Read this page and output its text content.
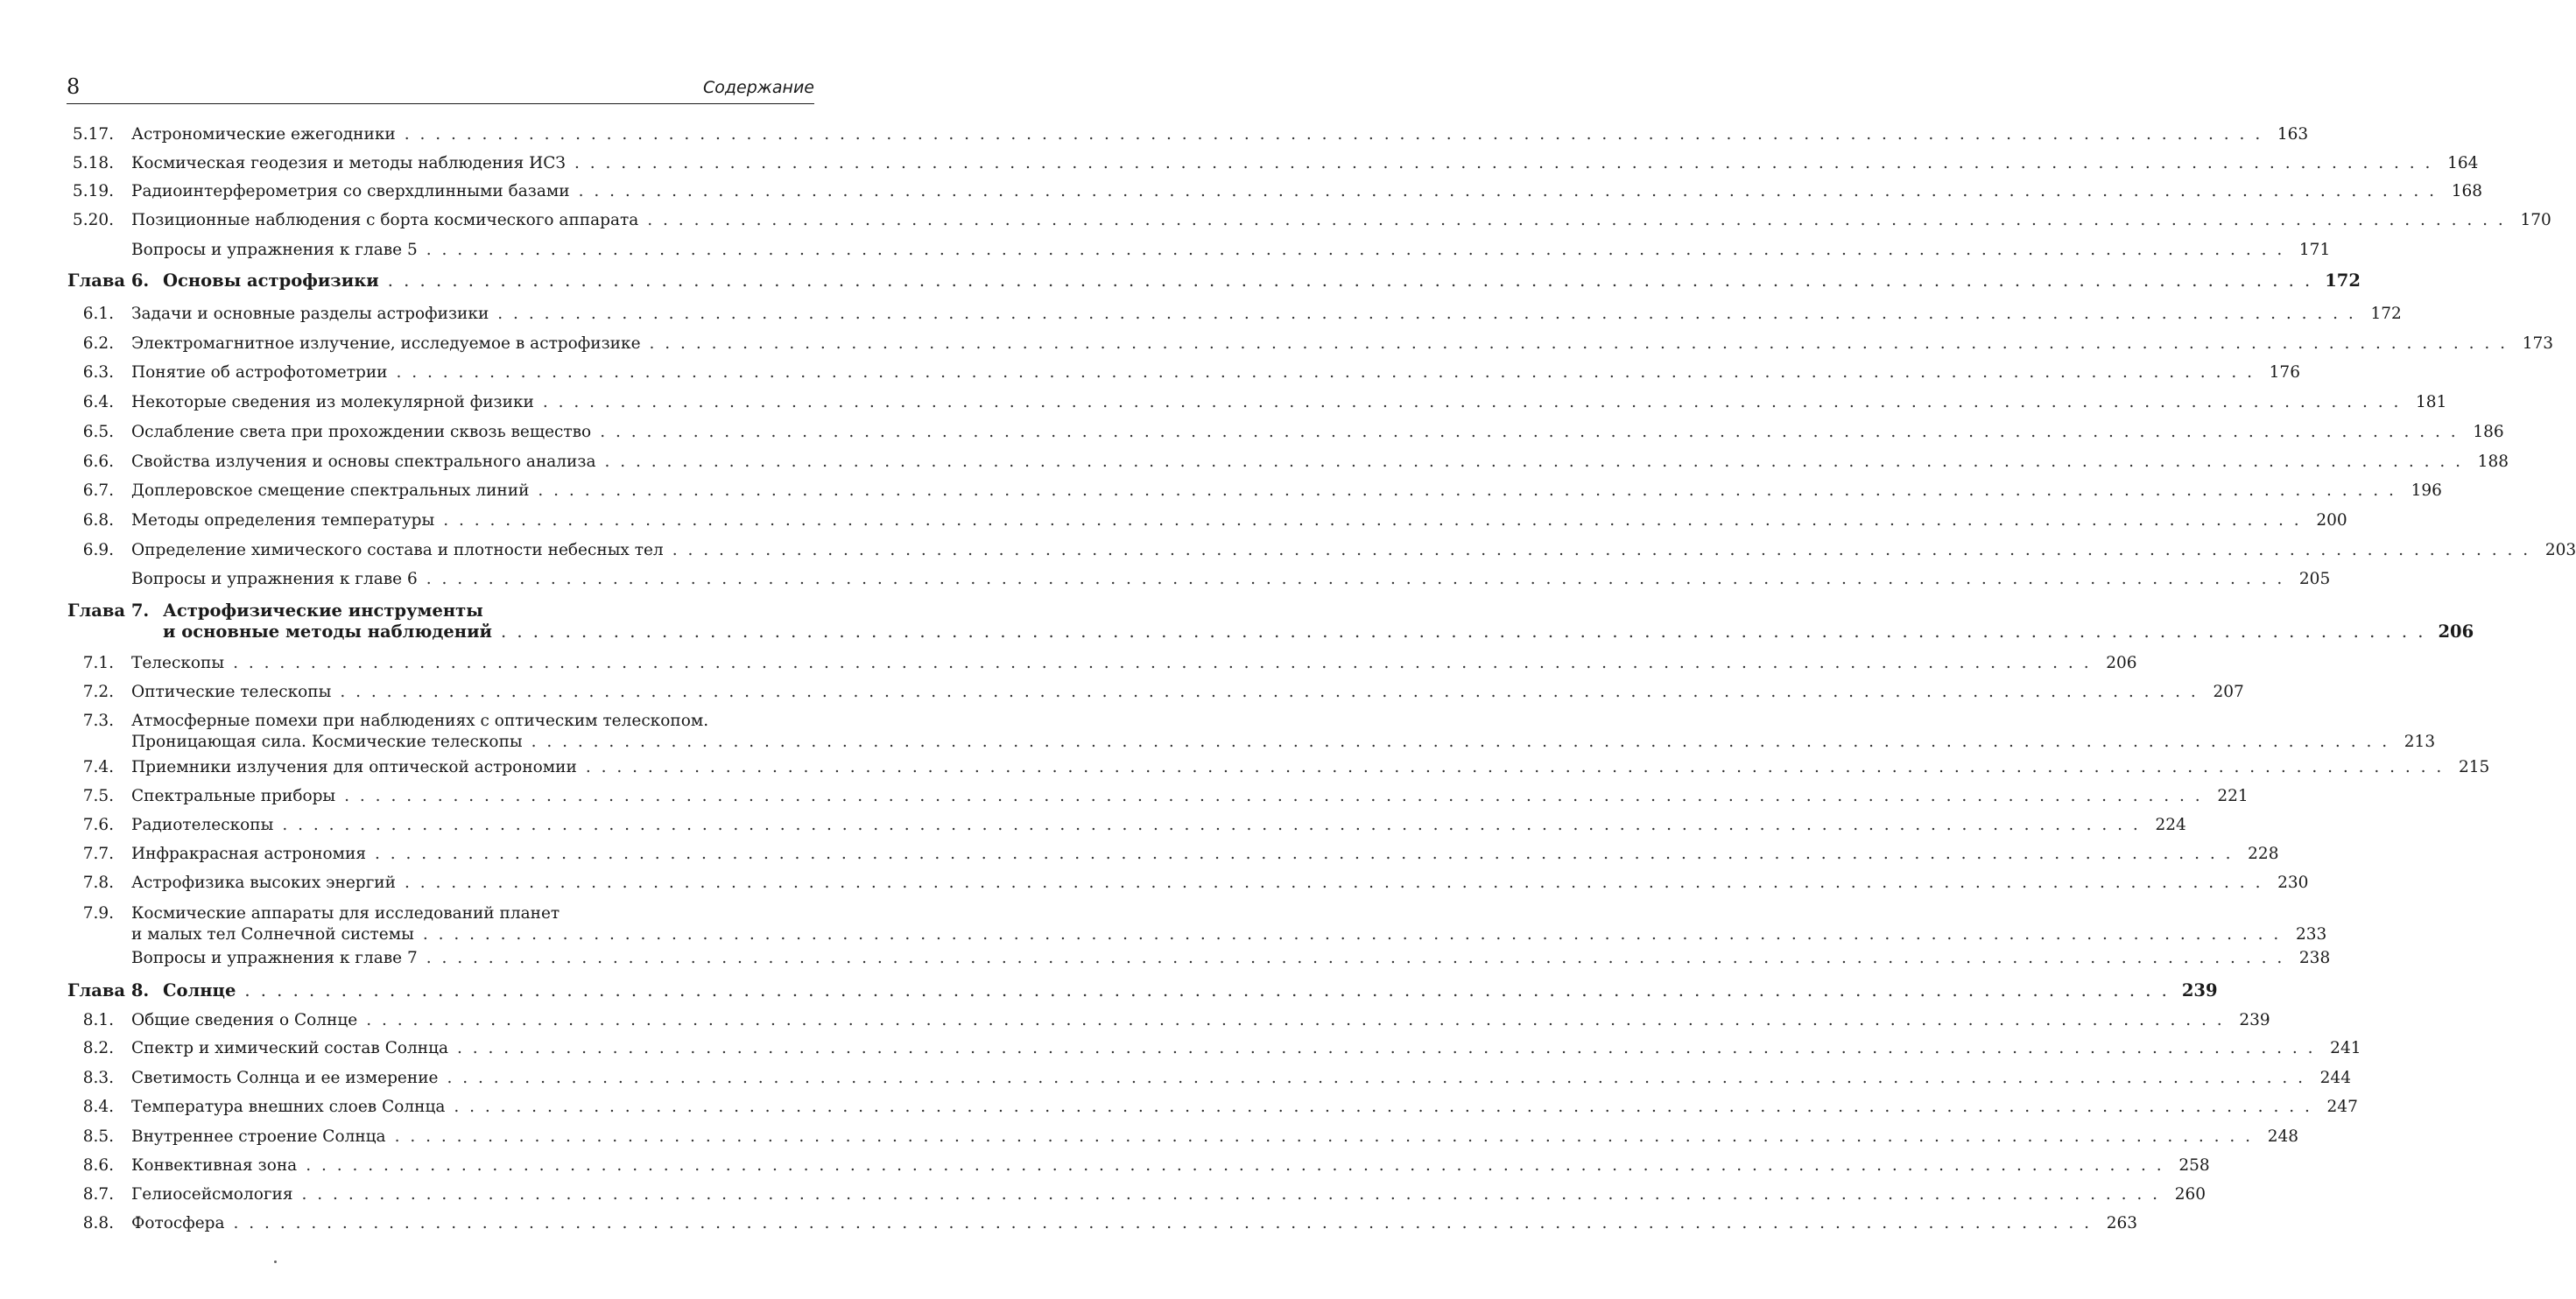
8	Содержание
5.17. Астрономические ежегодники . . . . . . . . . . . . . . . . . . . . . . . . . . . . . . . . . . . . . . . . . . . . . . . . . . . . . . . . . . . . . . . . . . . . . . . . . . . . . . . . . . . . . . . . . . . . . . . . . . . . . . . . . . . . . . . . . . . . . . . . 163
5.18. Космическая геодезия и методы наблюдения ИСЗ . . . . . . . . . . . . . . . . . . . . . . . . . . . . . . . . . . . . . . . . . . . . . . . . . . . . . . . . . . . . . . . . . . . . . . . . . . . . . . . . . . . . . . . . . . . . . . . . . . . . . . . . . . . . . . . . . . . . . . . . 164
5.19. Радиоинтерферометрия со сверхдлинными базами . . . . . . . . . . . . . . . . . . . . . . . . . . . . . . . . . . . . . . . . . . . . . . . . . . . . . . . . . . . . . . . . . . . . . . . . . . . . . . . . . . . . . . . . . . . . . . . . . . . . . . . . . . . . . . . . . . . . . . . . 168
5.20. Позиционные наблюдения с борта космического аппарата . . . . . . . . . . . . . . . . . . . . . . . . . . . . . . . . . . . . . . . . . . . . . . . . . . . . . . . . . . . . . . . . . . . . . . . . . . . . . . . . . . . . . . . . . . . . . . . . . . . . . . . . . . . . . . . . . . . . . . . . 170
Вопросы и упражнения к главе 5 . . . . . . . . . . . . . . . . . . . . . . . . . . . . . . . . . . . . . . . . . . . . . . . . . . . . . . . . . . . . . . . . . . . . . . . . . . . . . . . . . . . . . . . . . . . . . . . . . . . . . . . . . . . . . . . . . . . . . . . . 171
Глава 6. Основы астрофизики . . . . . . . . . . . . . . . . . . . . . . . . . . . . . . . . . . . . . . . . . . . . . . . . . . . . . . . . . . . . . . . . . . . . . . . . . . . . . . . . . . . . . . . . . . . . . . . . . . . . . . . . . . . . . . . . . . . . . . . . 172
6.1. Задачи и основные разделы астрофизики . . . . . . . . . . . . . . . . . . . . . . . . . . . . . . . . . . . . . . . . . . . . . . . . . . . . . . . . . . . . . . . . . . . . . . . . . . . . . . . . . . . . . . . . . . . . . . . . . . . . . . . . . . . . . . . . . . . . . . . . 172
6.2. Электромагнитное излучение, исследуемое в астрофизике . . . . . . . . . . . . . . . . . . . . . . . . . . . . . . . . . . . . . . . . . . . . . . . . . . . . . . . . . . . . . . . . . . . . . . . . . . . . . . . . . . . . . . . . . . . . . . . . . . . . . . . . . . . . . . . . . . . . . . . . 173
6.3. Понятие об астрофотометрии . . . . . . . . . . . . . . . . . . . . . . . . . . . . . . . . . . . . . . . . . . . . . . . . . . . . . . . . . . . . . . . . . . . . . . . . . . . . . . . . . . . . . . . . . . . . . . . . . . . . . . . . . . . . . . . . . . . . . . . . 176
6.4. Некоторые сведения из молекулярной физики . . . . . . . . . . . . . . . . . . . . . . . . . . . . . . . . . . . . . . . . . . . . . . . . . . . . . . . . . . . . . . . . . . . . . . . . . . . . . . . . . . . . . . . . . . . . . . . . . . . . . . . . . . . . . . . . . . . . . . . . 181
6.5. Ослабление света при прохождении сквозь вещество . . . . . . . . . . . . . . . . . . . . . . . . . . . . . . . . . . . . . . . . . . . . . . . . . . . . . . . . . . . . . . . . . . . . . . . . . . . . . . . . . . . . . . . . . . . . . . . . . . . . . . . . . . . . . . . . . . . . . . . . 186
6.6. Свойства излучения и основы спектрального анализа . . . . . . . . . . . . . . . . . . . . . . . . . . . . . . . . . . . . . . . . . . . . . . . . . . . . . . . . . . . . . . . . . . . . . . . . . . . . . . . . . . . . . . . . . . . . . . . . . . . . . . . . . . . . . . . . . . . . . . . . 188
6.7. Доплеровское смещение спектральных линий . . . . . . . . . . . . . . . . . . . . . . . . . . . . . . . . . . . . . . . . . . . . . . . . . . . . . . . . . . . . . . . . . . . . . . . . . . . . . . . . . . . . . . . . . . . . . . . . . . . . . . . . . . . . . . . . . . . . . . . . 196
6.8. Методы определения температуры . . . . . . . . . . . . . . . . . . . . . . . . . . . . . . . . . . . . . . . . . . . . . . . . . . . . . . . . . . . . . . . . . . . . . . . . . . . . . . . . . . . . . . . . . . . . . . . . . . . . . . . . . . . . . . . . . . . . . . . . 200
6.9. Определение химического состава и плотности небесных тел . . . . . . . . . . . . . . . . . . . . . . . . . . . . . . . . . . . . . . . . . . . . . . . . . . . . . . . . . . . . . . . . . . . . . . . . . . . . . . . . . . . . . . . . . . . . . . . . . . . . . . . . . . . . . . . . . . . . . . . . 203
Вопросы и упражнения к главе 6 . . . . . . . . . . . . . . . . . . . . . . . . . . . . . . . . . . . . . . . . . . . . . . . . . . . . . . . . . . . . . . . . . . . . . . . . . . . . . . . . . . . . . . . . . . . . . . . . . . . . . . . . . . . . . . . . . . . . . . . . 205
Глава 7. Астрофизические инструменты
и основные методы наблюдений . . . . . . . . . . . . . . . . . . . . . . . . . . . . . . . . . . . . . . . . . . . . . . . . . . . . . . . . . . . . . . . . . . . . . . . . . . . . . . . . . . . . . . . . . . . . . . . . . . . . . . . . . . . . . . . . . . . . . . . . 206
7.1. Телескопы . . . . . . . . . . . . . . . . . . . . . . . . . . . . . . . . . . . . . . . . . . . . . . . . . . . . . . . . . . . . . . . . . . . . . . . . . . . . . . . . . . . . . . . . . . . . . . . . . . . . . . . . . . . . . . . . . . . . . . . . 206
7.2. Оптические телескопы . . . . . . . . . . . . . . . . . . . . . . . . . . . . . . . . . . . . . . . . . . . . . . . . . . . . . . . . . . . . . . . . . . . . . . . . . . . . . . . . . . . . . . . . . . . . . . . . . . . . . . . . . . . . . . . . . . . . . . . . 207
7.3. Атмосферные помехи при наблюдениях с оптическим телескопом.
Проницающая сила. Космические телескопы . . . . . . . . . . . . . . . . . . . . . . . . . . . . . . . . . . . . . . . . . . . . . . . . . . . . . . . . . . . . . . . . . . . . . . . . . . . . . . . . . . . . . . . . . . . . . . . . . . . . . . . . . . . . . . . . . . . . . . . . 213
7.4. Приемники излучения для оптической астрономии . . . . . . . . . . . . . . . . . . . . . . . . . . . . . . . . . . . . . . . . . . . . . . . . . . . . . . . . . . . . . . . . . . . . . . . . . . . . . . . . . . . . . . . . . . . . . . . . . . . . . . . . . . . . . . . . . . . . . . . . 215
7.5. Спектральные приборы . . . . . . . . . . . . . . . . . . . . . . . . . . . . . . . . . . . . . . . . . . . . . . . . . . . . . . . . . . . . . . . . . . . . . . . . . . . . . . . . . . . . . . . . . . . . . . . . . . . . . . . . . . . . . . . . . . . . . . . . 221
7.6. Радиотелескопы . . . . . . . . . . . . . . . . . . . . . . . . . . . . . . . . . . . . . . . . . . . . . . . . . . . . . . . . . . . . . . . . . . . . . . . . . . . . . . . . . . . . . . . . . . . . . . . . . . . . . . . . . . . . . . . . . . . . . . . . 224
7.7. Инфракрасная астрономия . . . . . . . . . . . . . . . . . . . . . . . . . . . . . . . . . . . . . . . . . . . . . . . . . . . . . . . . . . . . . . . . . . . . . . . . . . . . . . . . . . . . . . . . . . . . . . . . . . . . . . . . . . . . . . . . . . . . . . . . 228
7.8. Астрофизика высоких энергий . . . . . . . . . . . . . . . . . . . . . . . . . . . . . . . . . . . . . . . . . . . . . . . . . . . . . . . . . . . . . . . . . . . . . . . . . . . . . . . . . . . . . . . . . . . . . . . . . . . . . . . . . . . . . . . . . . . . . . . . 230
7.9. Космические аппараты для исследований планет
и малых тел Солнечной системы . . . . . . . . . . . . . . . . . . . . . . . . . . . . . . . . . . . . . . . . . . . . . . . . . . . . . . . . . . . . . . . . . . . . . . . . . . . . . . . . . . . . . . . . . . . . . . . . . . . . . . . . . . . . . . . . . . . . . . . . 233
Вопросы и упражнения к главе 7 . . . . . . . . . . . . . . . . . . . . . . . . . . . . . . . . . . . . . . . . . . . . . . . . . . . . . . . . . . . . . . . . . . . . . . . . . . . . . . . . . . . . . . . . . . . . . . . . . . . . . . . . . . . . . . . . . . . . . . . . 238
Глава 8. Солнце . . . . . . . . . . . . . . . . . . . . . . . . . . . . . . . . . . . . . . . . . . . . . . . . . . . . . . . . . . . . . . . . . . . . . . . . . . . . . . . . . . . . . . . . . . . . . . . . . . . . . . . . . . . . . . . . . . . . . . . . 239
8.1. Общие сведения о Солнце . . . . . . . . . . . . . . . . . . . . . . . . . . . . . . . . . . . . . . . . . . . . . . . . . . . . . . . . . . . . . . . . . . . . . . . . . . . . . . . . . . . . . . . . . . . . . . . . . . . . . . . . . . . . . . . . . . . . . . . . 239
8.2. Спектр и химический состав Солнца . . . . . . . . . . . . . . . . . . . . . . . . . . . . . . . . . . . . . . . . . . . . . . . . . . . . . . . . . . . . . . . . . . . . . . . . . . . . . . . . . . . . . . . . . . . . . . . . . . . . . . . . . . . . . . . . . . . . . . . . 241
8.3. Светимость Солнца и ее измерение . . . . . . . . . . . . . . . . . . . . . . . . . . . . . . . . . . . . . . . . . . . . . . . . . . . . . . . . . . . . . . . . . . . . . . . . . . . . . . . . . . . . . . . . . . . . . . . . . . . . . . . . . . . . . . . . . . . . . . . . 244
8.4. Температура внешних слоев Солнца . . . . . . . . . . . . . . . . . . . . . . . . . . . . . . . . . . . . . . . . . . . . . . . . . . . . . . . . . . . . . . . . . . . . . . . . . . . . . . . . . . . . . . . . . . . . . . . . . . . . . . . . . . . . . . . . . . . . . . . . 247
8.5. Внутреннее строение Солнца . . . . . . . . . . . . . . . . . . . . . . . . . . . . . . . . . . . . . . . . . . . . . . . . . . . . . . . . . . . . . . . . . . . . . . . . . . . . . . . . . . . . . . . . . . . . . . . . . . . . . . . . . . . . . . . . . . . . . . . . 248
8.6. Конвективная зона . . . . . . . . . . . . . . . . . . . . . . . . . . . . . . . . . . . . . . . . . . . . . . . . . . . . . . . . . . . . . . . . . . . . . . . . . . . . . . . . . . . . . . . . . . . . . . . . . . . . . . . . . . . . . . . . . . . . . . . . 258
8.7. Гелиосейсмология . . . . . . . . . . . . . . . . . . . . . . . . . . . . . . . . . . . . . . . . . . . . . . . . . . . . . . . . . . . . . . . . . . . . . . . . . . . . . . . . . . . . . . . . . . . . . . . . . . . . . . . . . . . . . . . . . . . . . . . . 260
8.8. Фотосфера . . . . . . . . . . . . . . . . . . . . . . . . . . . . . . . . . . . . . . . . . . . . . . . . . . . . . . . . . . . . . . . . . . . . . . . . . . . . . . . . . . . . . . . . . . . . . . . . . . . . . . . . . . . . . . . . . . . . . . . . 263
